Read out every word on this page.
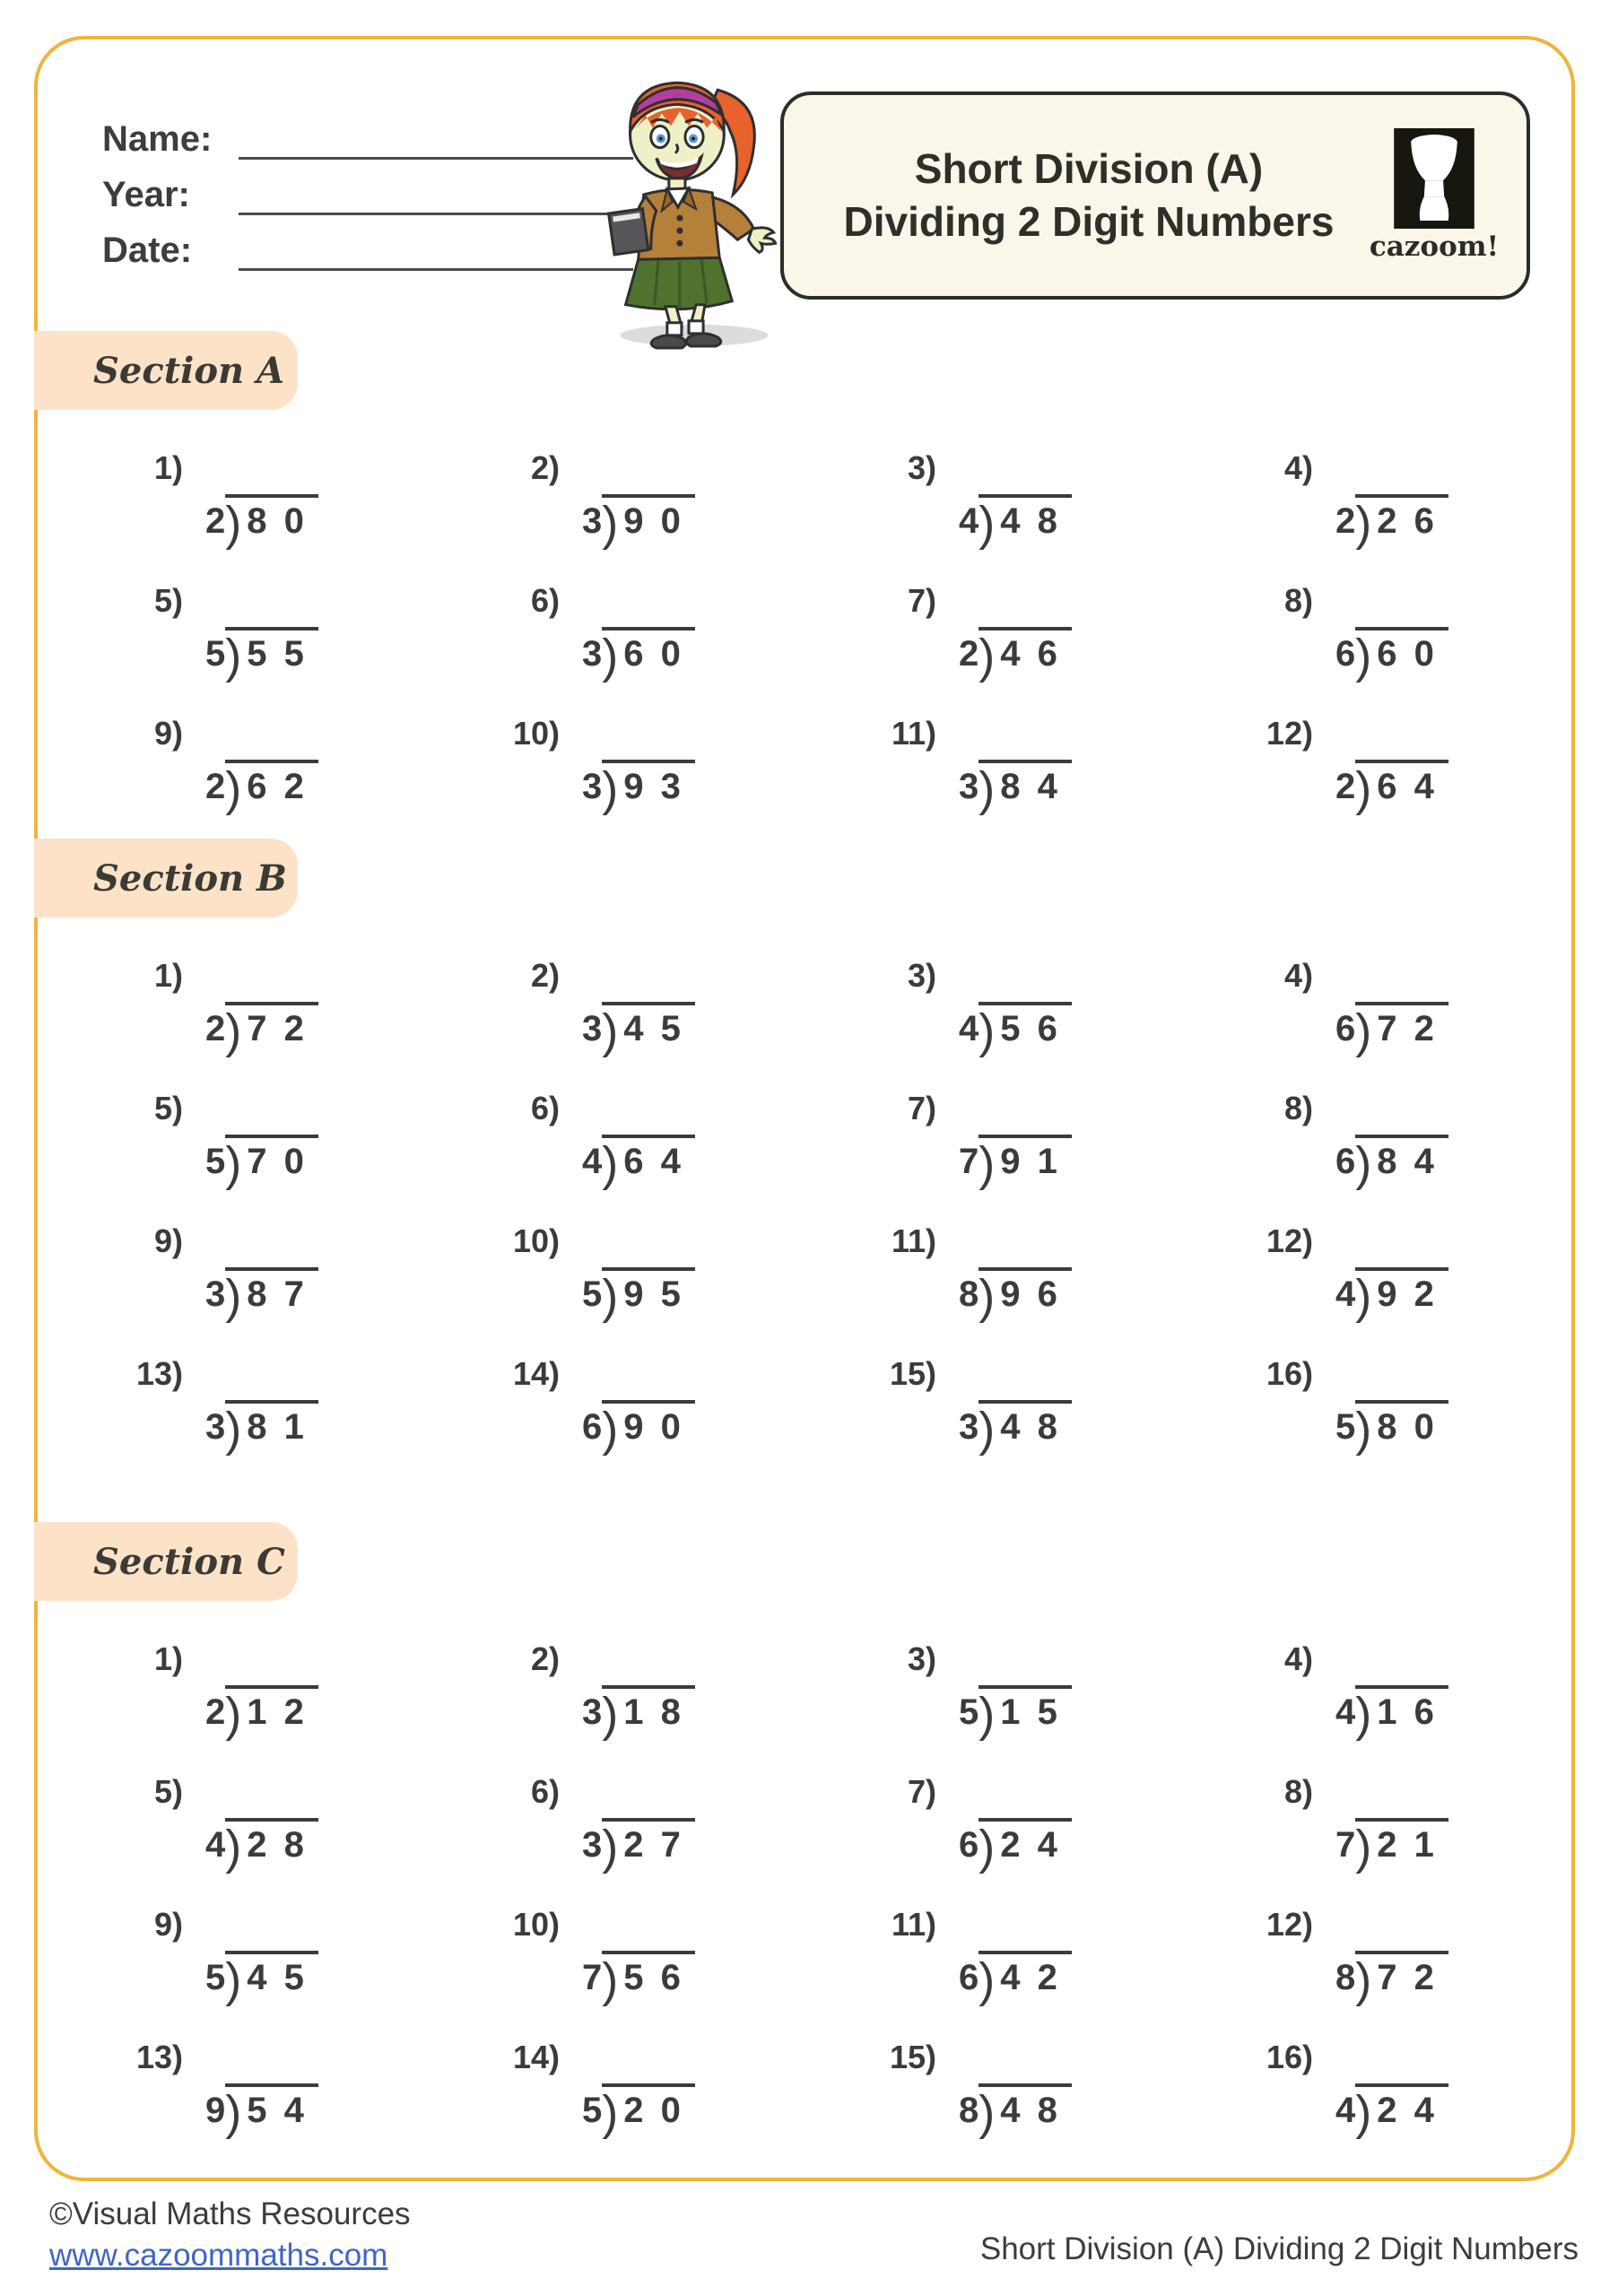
Name:
Year:
Date:
Short Division (A)
Dividing 2 Digit Numbers
cazoom!
Section A
1)
2 ) 8 0
2)
3 ) 9 0
3)
4 ) 4 8
4)
2 ) 2 6
5)
5 ) 5 5
6)
3 ) 6 0
7)
2 ) 4 6
8)
6 ) 6 0
9)
2 ) 6 2
10)
3 ) 9 3
11)
3 ) 8 4
12)
2 ) 6 4
Section B
1)
2 ) 7 2
2)
3 ) 4 5
3)
4 ) 5 6
4)
6 ) 7 2
5)
5 ) 7 0
6)
4 ) 6 4
7)
7 ) 9 1
8)
6 ) 8 4
9)
3 ) 8 7
10)
5 ) 9 5
11)
8 ) 9 6
12)
4 ) 9 2
13)
3 ) 8 1
14)
6 ) 9 0
15)
3 ) 4 8
16)
5 ) 8 0
Section C
1)
2 ) 1 2
2)
3 ) 1 8
3)
5 ) 1 5
4)
4 ) 1 6
5)
4 ) 2 8
6)
3 ) 2 7
7)
6 ) 2 4
8)
7 ) 2 1
9)
5 ) 4 5
10)
7 ) 5 6
11)
6 ) 4 2
12)
8 ) 7 2
13)
9 ) 5 4
14)
5 ) 2 0
15)
8 ) 4 8
16)
4 ) 2 4
©Visual Maths Resources
www.cazoommaths.com	Short Division (A) Dividing 2 Digit Numbers
